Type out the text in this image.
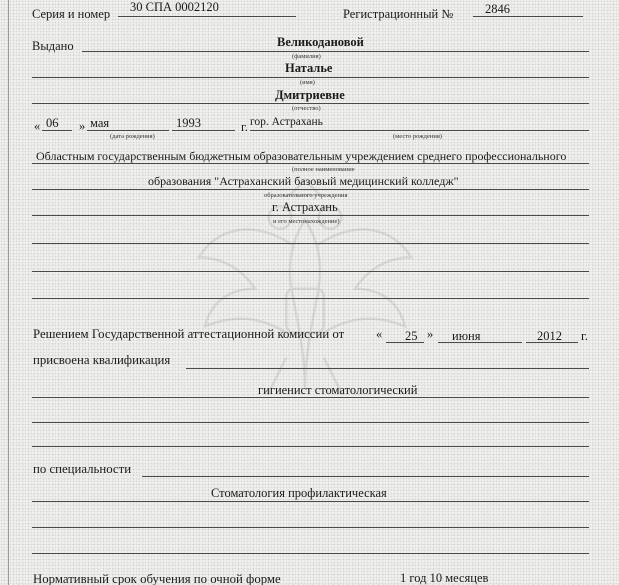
Серия и номер 30 СПА 0002120	Регистрационный №	2846
Выдано	Великодановой
(фамилия)
Наталье
(имя)
Дмитриевне
(отчество)
« 06 » мая	1993	г.
(дата рождения)
гор. Астрахань
(место рождения)
Областным государственным бюджетным образовательным учреждением среднего профессионального
(полное наименование
образования "Астраханский базовый медицинский колледж"
образовательного учреждения
г. Астрахань
и его местонахождение)
Решением Государственной аттестационной комиссии от	« 25 » июня	2012 г.
присвоена квалификация
гигиенист стоматологический
по специальности
Стоматология профилактическая
Нормативный срок обучения по очной форме	1 год 10 месяцев
